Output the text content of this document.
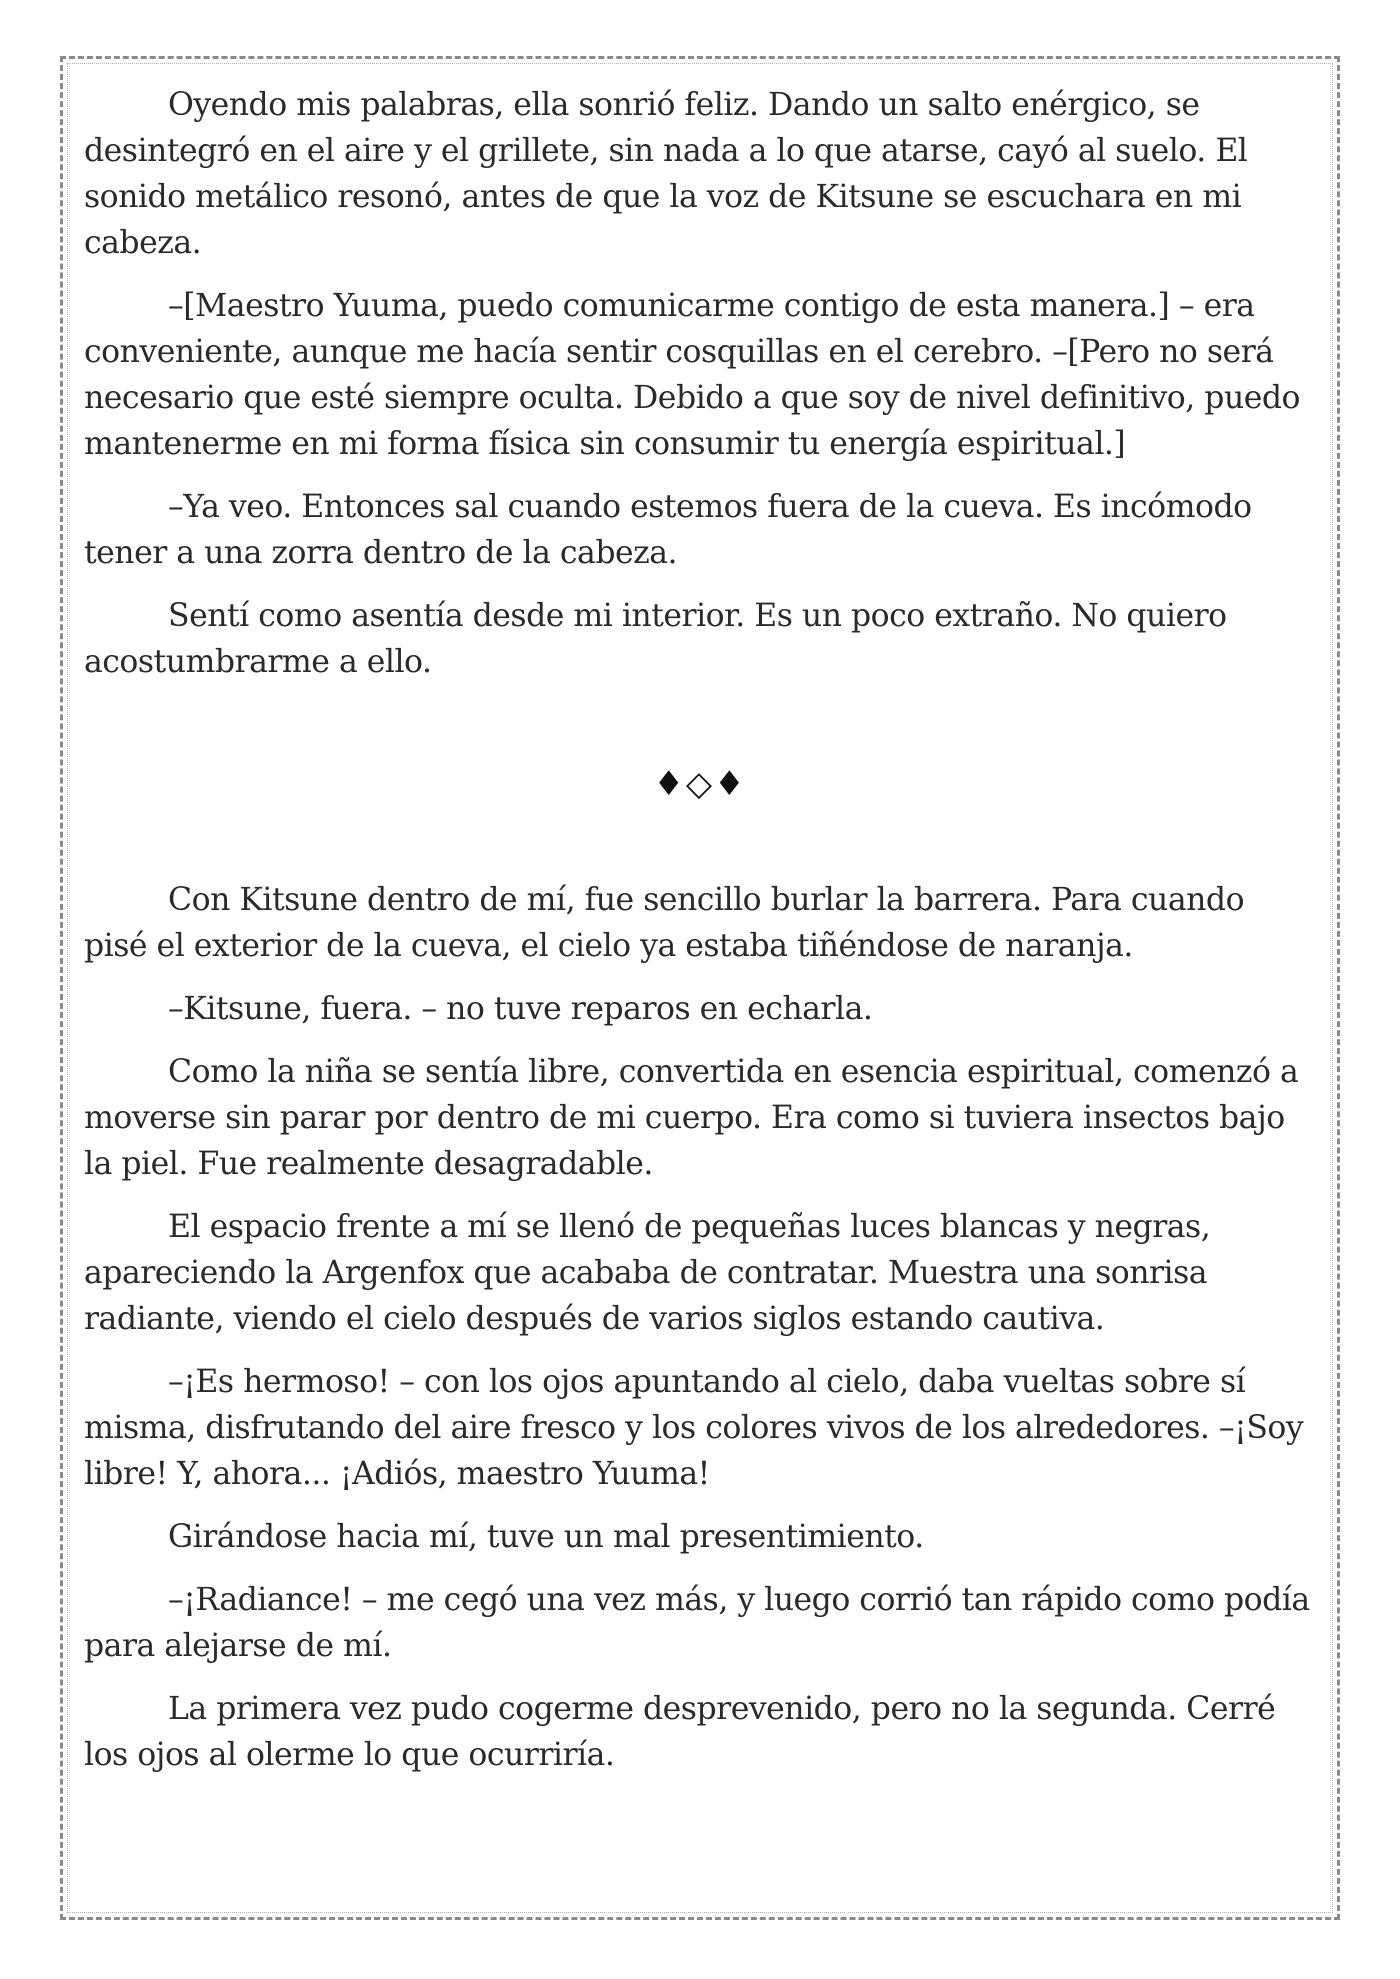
Oyendo mis palabras, ella sonrió feliz. Dando un salto enérgico, se desintegró en el aire y el grillete, sin nada a lo que atarse, cayó al suelo. El sonido metálico resonó, antes de que la voz de Kitsune se escuchara en mi cabeza.

–[Maestro Yuuma, puedo comunicarme contigo de esta manera.] – era conveniente, aunque me hacía sentir cosquillas en el cerebro. –[Pero no será necesario que esté siempre oculta. Debido a que soy de nivel definitivo, puedo mantenerme en mi forma física sin consumir tu energía espiritual.]

–Ya veo. Entonces sal cuando estemos fuera de la cueva. Es incómodo tener a una zorra dentro de la cabeza.

Sentí como asentía desde mi interior. Es un poco extraño. No quiero acostumbrarme a ello.

♦◇♦

Con Kitsune dentro de mí, fue sencillo burlar la barrera. Para cuando pisé el exterior de la cueva, el cielo ya estaba tiñéndose de naranja.

–Kitsune, fuera. – no tuve reparos en echarla.

Como la niña se sentía libre, convertida en esencia espiritual, comenzó a moverse sin parar por dentro de mi cuerpo. Era como si tuviera insectos bajo la piel. Fue realmente desagradable.

El espacio frente a mí se llenó de pequeñas luces blancas y negras, apareciendo la Argenfox que acababa de contratar. Muestra una sonrisa radiante, viendo el cielo después de varios siglos estando cautiva.

–¡Es hermoso! – con los ojos apuntando al cielo, daba vueltas sobre sí misma, disfrutando del aire fresco y los colores vivos de los alrededores. –¡Soy libre! Y, ahora... ¡Adiós, maestro Yuuma!

Girándose hacia mí, tuve un mal presentimiento.

–¡Radiance! – me cegó una vez más, y luego corrió tan rápido como podía para alejarse de mí.

La primera vez pudo cogerme desprevenido, pero no la segunda. Cerré los ojos al olerme lo que ocurriría.
